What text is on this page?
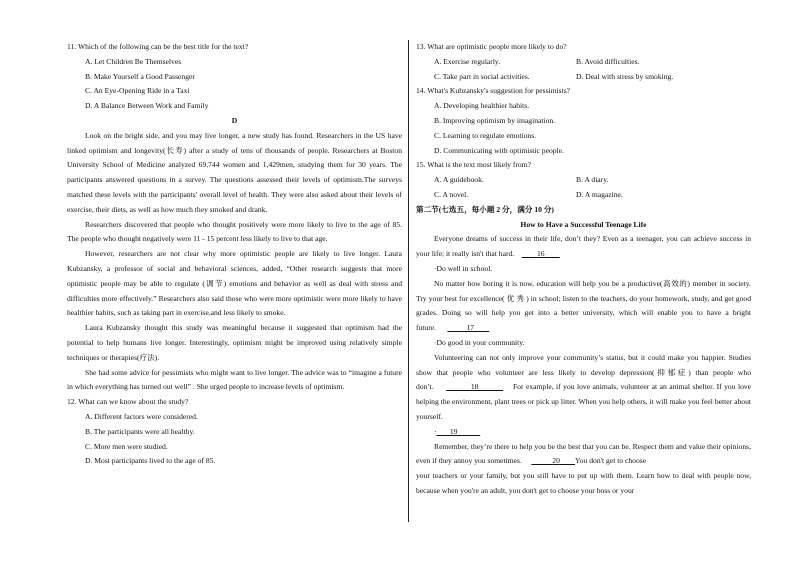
11. Which of the following can be the best title for the text?
A. Let Children Be Themselves
B. Make Yourself a Good Passenger
C. An Eye-Opening Ride in a Taxi
D. A Balance Between Work and Family
D
Look on the bright side, and you may live longer, a new study has found. Researchers in the US have linked optimism and longevity(长寿) after a study of tens of thousands of people. Researchers at Boston University School of Medicine analyzed 69,744 women and 1,429men, studying them for 30 years. The participants answered questions in a survey. The questions assessed their levels of optimism.The surveys matched these levels with the participants' overall level of health. They were also asked about their levels of exercise, their diets, as well as how much they smoked and drank.
Researchers discovered that people who thought positively were more likely to live to the age of 85. The people who thought negatively were 11 - 15 percent less likely to live to that age.
However, researchers are not clear why more optimistic people are likely to live longer. Laura Kubzansky, a professor of social and behavioral sciences, added, “Other research suggests that more optimistic people may be able to regulate (调节) emotions and behavior as well as deal with stress and difficulties more effectively.” Researchers also said those who were more optimistic were more likely to have healthier habits, such as taking part in exercise,and less likely to smoke.
Laura Kubzansky thought this study was meaningful because it suggested that optimism had the potential to help humans live longer. Interestingly, optimism might be improved using relatively simple techniques or therapies(疗法).
She had some advice for pessimists who might want to live longer. The advice was to “imagine a future in which everything has turned out well” . She urged people to increase levels of optimism.
12. What can we know about the study?
A. Different factors were considered.
B. The participants were all healthy.
C. More men were studied.
D. Most participants lived to the age of 85.
13. What are optimistic people more likely to do?
A. Exercise regularly.	B. Avoid difficulties.
C. Take part in social activities.	D. Deal with stress by smoking.
14. What's Kubzansky's suggestion for pessimists?
A. Developing healthier habits.
B. Improving optimism by imagination.
C. Learning to regulate emotions.
D. Communicating with optimistic people.
15. What is the text most likely from?
A. A guidebook.	B. A diary.
C. A novel.	D. A magazine.
第二节(七选五，每小题 2 分，满分 10 分)
How to Have a Successful Teenage Life
Everyone dreams of success in their life, don’t they? Even as a teenager, you can achieve success in your life; it really isn't that hard.	16
·Do well in school.
No matter how boring it is now, education will help you be a productive(高效的) member in society. Try your best for excellence( 优 秀 ) in school; listen to the teachers, do your homework, study, and get good grades. Doing so will help you get into a better university, which will enable you to have a bright future.	17
·Do good in your community.
Volunteering can not only improve your community’s status, but it could make you happier. Studies show that people who volunteer are less likely to develop depression(抑郁症) than people who don’t.	18	For example, if you love animals, volunteer at an animal shelter. If you love helping the environment, plant trees or pick up litter. When you help others, it will make you feel better about yourself.
· 19
Remember, they’re there to help you be the best that you can be. Respect them and value their opinions, even if they annoy you sometimes.	20 You don't get to choose
your teachers or your family, but you still have to put up with them. Learn how to deal with people now, because when you're an adult, you don't get to choose your boss or your
